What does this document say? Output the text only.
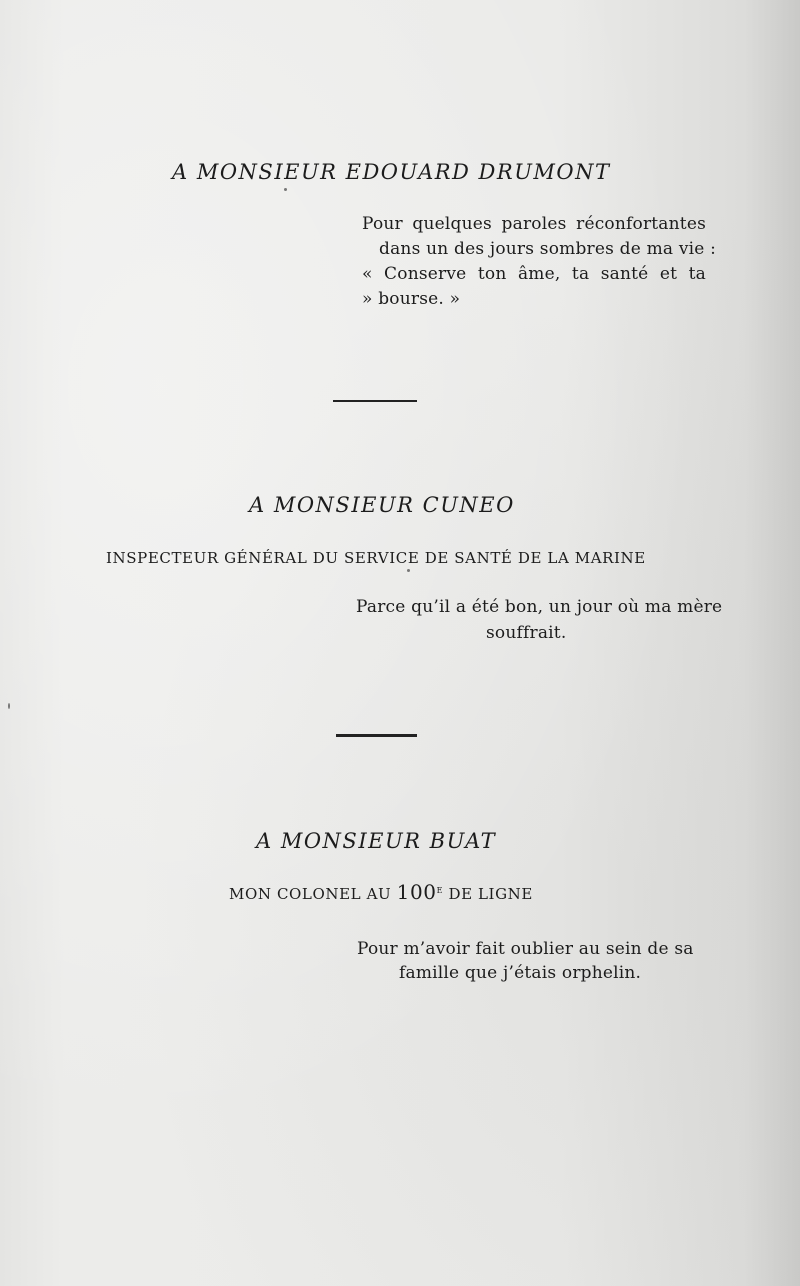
A MONSIEUR EDOUARD DRUMONT
Pour quelques paroles réconfortantes
dans un des jours sombres de ma vie :
« Conserve ton âme, ta santé et ta
» bourse. »
A MONSIEUR CUNEO
INSPECTEUR GÉNÉRAL DU SERVICE DE SANTÉ DE LA MARINE
Parce qu’il a été bon, un jour où ma mère
souffrait.
A MONSIEUR BUAT
MON COLONEL AU 100e DE LIGNE
Pour m’avoir fait oublier au sein de sa
famille que j’étais orphelin.
